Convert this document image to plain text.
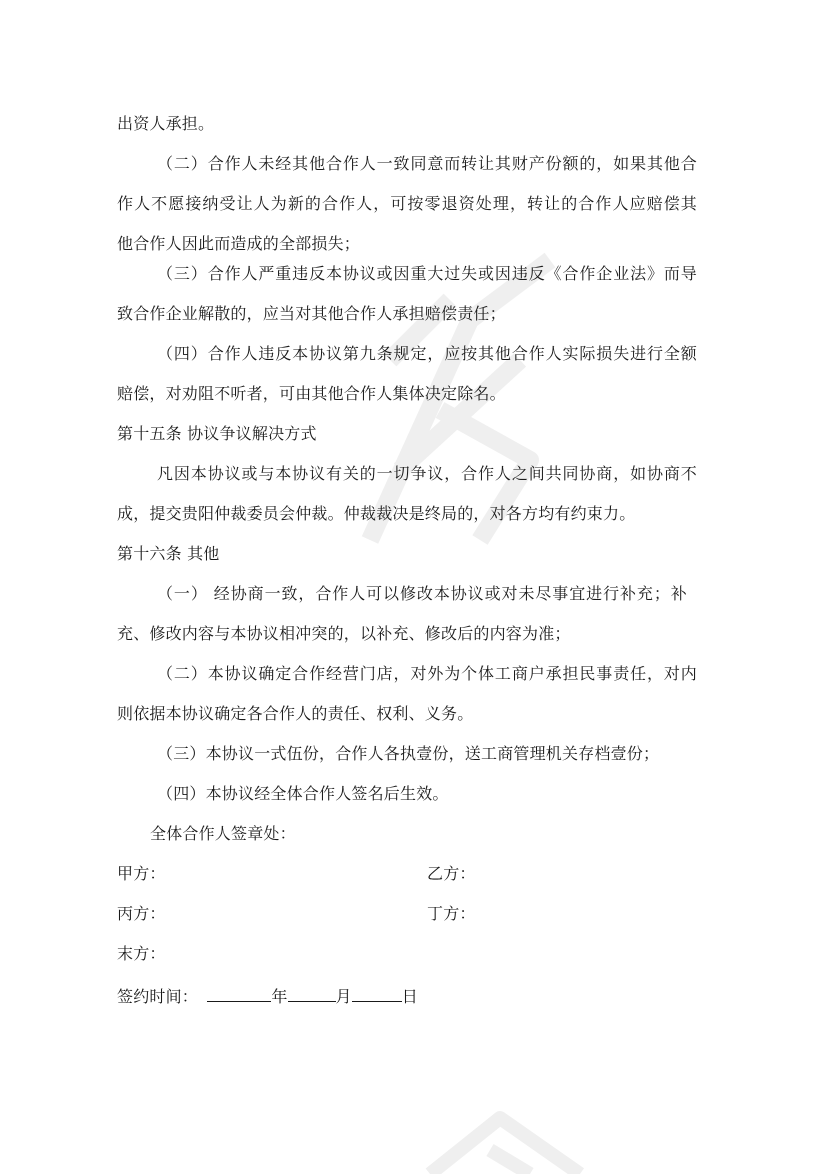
出资人承担。
（二）合作人未经其他合作人一致同意而转让其财产份额的，如果其他合
作人不愿接纳受让人为新的合作人，可按零退资处理，转让的合作人应赔偿其
他合作人因此而造成的全部损失；
（三）合作人严重违反本协议或因重大过失或因违反《合作企业法》而导
致合作企业解散的，应当对其他合作人承担赔偿责任；
（四）合作人违反本协议第九条规定，应按其他合作人实际损失进行全额
赔偿，对劝阻不听者，可由其他合作人集体决定除名。
第十五条 协议争议解决方式
凡因本协议或与本协议有关的一切争议，合作人之间共同协商，如协商不
成，提交贵阳仲裁委员会仲裁。仲裁裁决是终局的，对各方均有约束力。
第十六条 其他
（一） 经协商一致，合作人可以修改本协议或对未尽事宜进行补充；补
充、修改内容与本协议相冲突的，以补充、修改后的内容为准；
（二）本协议确定合作经营门店，对外为个体工商户承担民事责任，对内
则依据本协议确定各合作人的责任、权利、义务。
（三）本协议一式伍份，合作人各执壹份，送工商管理机关存档壹份；
（四）本协议经全体合作人签名后生效。
全体合作人签章处：
甲方：	乙方：
丙方：	丁方：
末方：
签约时间：	年	月	日
